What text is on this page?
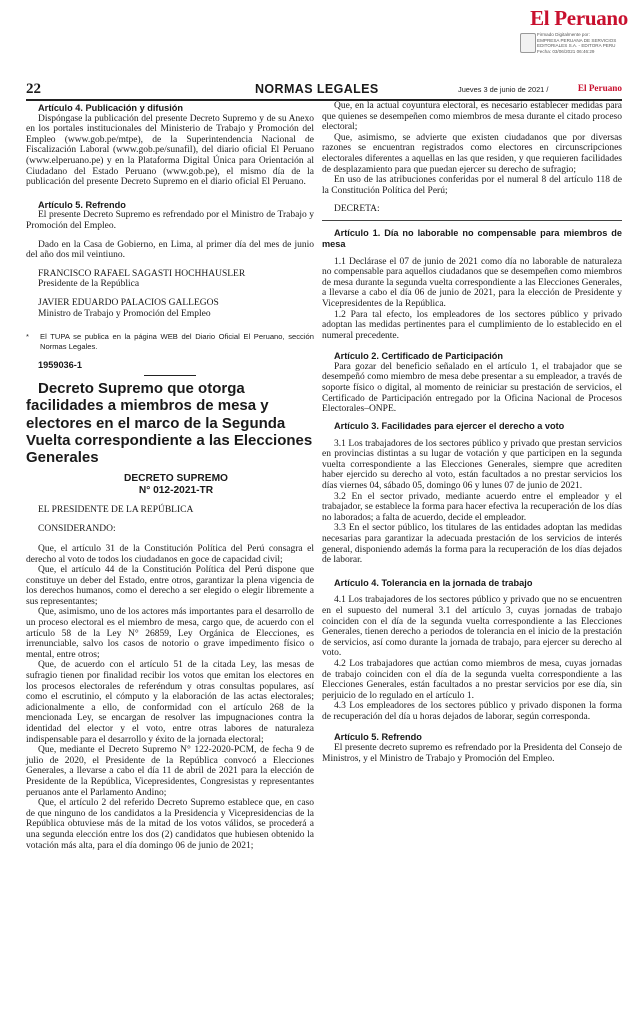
El Peruano
Firmado Digitalmente por:
EMPRESA PERUANA DE SERVICIOS
EDITORIALES S.A. - EDITORA PERU
Fecha: 03/06/2021 06:46:29
22	NORMAS LEGALES	Jueves 3 de junio de 2021 /	El Peruano

Artículo 4. Publicación y difusión

Dispóngase la publicación del presente Decreto Supremo y de su Anexo en los portales institucionales del Ministerio de Trabajo y Promoción del Empleo (www.gob.pe/mtpe), de la Superintendencia Nacional de Fiscalización Laboral (www.gob.pe/sunafil), del diario oficial El Peruano (www.elperuano.pe) y en la Plataforma Digital Única para Orientación al Ciudadano del Estado Peruano (www.gob.pe), el mismo día de la publicación del presente Decreto Supremo en el diario oficial El Peruano.

Artículo 5. Refrendo

El presente Decreto Supremo es refrendado por el Ministro de Trabajo y Promoción del Empleo.

Dado en la Casa de Gobierno, en Lima, al primer día del mes de junio del año dos mil veintiuno.

FRANCISCO RAFAEL SAGASTI HOCHHAUSLER

Presidente de la República

JAVIER EDUARDO PALACIOS GALLEGOS

Ministro de Trabajo y Promoción del Empleo

* El TUPA se publica en la página WEB del Diario Oficial El Peruano, sección Normas Legales.

1959036-1

Decreto Supremo que otorga facilidades a miembros de mesa y electores en el marco de la Segunda Vuelta correspondiente a las Elecciones Generales

DECRETO SUPREMO

N° 012-2021-TR

EL PRESIDENTE DE LA REPÚBLICA

CONSIDERANDO:

Que, el artículo 31 de la Constitución Política del Perú consagra el derecho al voto de todos los ciudadanos en goce de capacidad civil;

Que, el artículo 44 de la Constitución Política del Perú dispone que constituye un deber del Estado, entre otros, garantizar la plena vigencia de los derechos humanos, como el derecho a ser elegido o elegir libremente a sus representantes;

Que, asimismo, uno de los actores más importantes para el desarrollo de un proceso electoral es el miembro de mesa, cargo que, de acuerdo con el artículo 58 de la Ley N° 26859, Ley Orgánica de Elecciones, es irrenunciable, salvo los casos de notorio o grave impedimento físico o mental, entre otros;

Que, de acuerdo con el artículo 51 de la citada Ley, las mesas de sufragio tienen por finalidad recibir los votos que emitan los electores en los procesos electorales de referéndum y otras consultas populares, así como el escrutinio, el cómputo y la elaboración de las actas electorales; adicionalmente a ello, de conformidad con el artículo 268 de la mencionada Ley, se encargan de resolver las impugnaciones contra la identidad del elector y el voto, entre otras labores de naturaleza indispensable para el desarrollo y éxito de la jornada electoral;

Que, mediante el Decreto Supremo N° 122-2020-PCM, de fecha 9 de julio de 2020, el Presidente de la República convocó a Elecciones Generales, a llevarse a cabo el día 11 de abril de 2021 para la elección de Presidente de la República, Vicepresidentes, Congresistas y representantes peruanos ante el Parlamento Andino;

Que, el artículo 2 del referido Decreto Supremo establece que, en caso de que ninguno de los candidatos a la Presidencia y Vicepresidencias de la República obtuviese más de la mitad de los votos válidos, se procederá a una segunda elección entre los dos (2) candidatos que hubiesen obtenido la votación más alta, para el día domingo 06 de junio de 2021;

Que, en la actual coyuntura electoral, es necesario establecer medidas para que quienes se desempeñen como miembros de mesa durante el citado proceso electoral;

Que, asimismo, se advierte que existen ciudadanos que por diversas razones se encuentran registrados como electores en circunscripciones electorales diferentes a aquellas en las que residen, y que requieren facilidades de desplazamiento para que puedan ejercer su derecho de sufragio;

En uso de las atribuciones conferidas por el numeral 8 del artículo 118 de la Constitución Política del Perú;

DECRETA:

Artículo 1. Día no laborable no compensable para miembros de mesa

1.1 Declárase el 07 de junio de 2021 como día no laborable de naturaleza no compensable para aquellos ciudadanos que se desempeñen como miembros de mesa durante la segunda vuelta correspondiente a las Elecciones Generales, a llevarse a cabo el día 06 de junio de 2021, para la elección de Presidente y Vicepresidentes de la República.

1.2 Para tal efecto, los empleadores de los sectores público y privado adoptan las medidas pertinentes para el cumplimiento de lo establecido en el numeral precedente.

Artículo 2. Certificado de Participación

Para gozar del beneficio señalado en el artículo 1, el trabajador que se desempeñó como miembro de mesa debe presentar a su empleador, a través de soporte físico o digital, al momento de reiniciar su prestación de servicios, el Certificado de Participación entregado por la Oficina Nacional de Procesos Electorales–ONPE.

Artículo 3. Facilidades para ejercer el derecho a voto

3.1 Los trabajadores de los sectores público y privado que prestan servicios en provincias distintas a su lugar de votación y que participen en la segunda vuelta correspondiente a las Elecciones Generales, siempre que acrediten haber ejercido su derecho al voto, están facultados a no prestar servicios los días viernes 04, sábado 05, domingo 06 y lunes 07 de junio de 2021.

3.2 En el sector privado, mediante acuerdo entre el empleador y el trabajador, se establece la forma para hacer efectiva la recuperación de los días no laborados; a falta de acuerdo, decide el empleador.

3.3 En el sector público, los titulares de las entidades adoptan las medidas necesarias para garantizar la adecuada prestación de los servicios de interés general, disponiendo además la forma para la recuperación de los días dejados de laborar.

Artículo 4. Tolerancia en la jornada de trabajo

4.1 Los trabajadores de los sectores público y privado que no se encuentren en el supuesto del numeral 3.1 del artículo 3, cuyas jornadas de trabajo coinciden con el día de la segunda vuelta correspondiente a las Elecciones Generales, tienen derecho a periodos de tolerancia en el inicio de la prestación de servicios, así como durante la jornada de trabajo, para ejercer su derecho al voto.

4.2 Los trabajadores que actúan como miembros de mesa, cuyas jornadas de trabajo coinciden con el día de la segunda vuelta correspondiente a las Elecciones Generales, están facultados a no prestar servicios por ese día, sin perjuicio de lo regulado en el artículo 1.

4.3 Los empleadores de los sectores público y privado disponen la forma de recuperación del día u horas dejados de laborar, según corresponda.

Artículo 5. Refrendo

El presente decreto supremo es refrendado por la Presidenta del Consejo de Ministros, y el Ministro de Trabajo y Promoción del Empleo.
